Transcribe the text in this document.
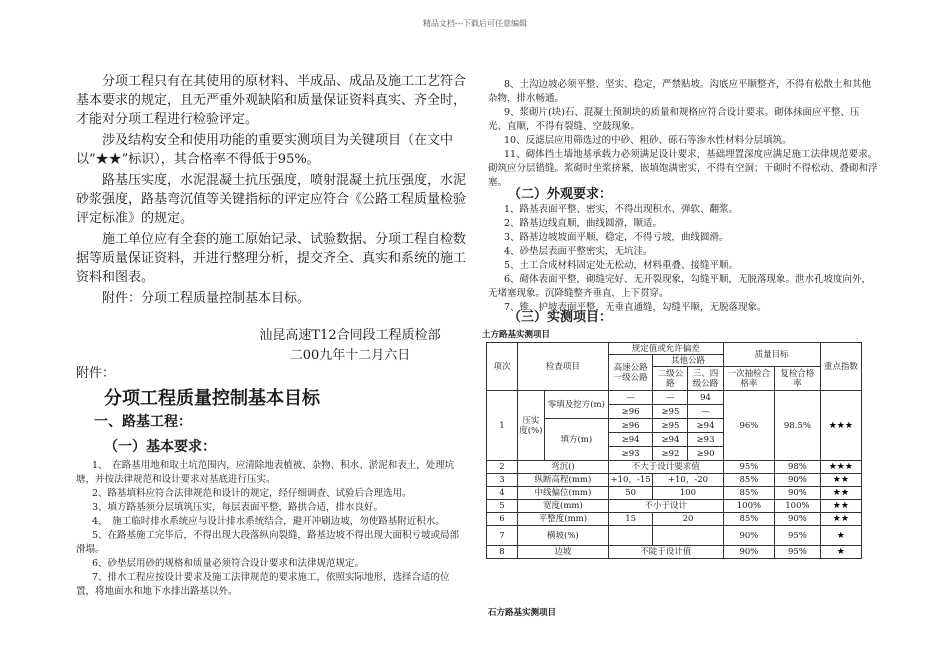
精品文档---下载后可任意编辑

分项工程只有在其使用的原材料、半成品、成品及施工工艺符合基本要求的规定，且无严重外观缺陷和质量保证资料真实、齐全时，才能对分项工程进行检验评定。

涉及结构安全和使用功能的重要实测项目为关键项目（在文中以“★★”标识），其合格率不得低于95%。

路基压实度，水泥混凝土抗压强度，喷射混凝土抗压强度，水泥砂浆强度，路基弯沉值等关键指标的评定应符合《公路工程质量检验评定标准》的规定。

施工单位应有全套的施工原始记录、试验数据、分项工程自检数据等质量保证资料，并进行整理分析，提交齐全、真实和系统的施工资料和图表。

附件：分项工程质量控制基本目标。

汕昆高速T12合同段工程质检部
二00九年十二月六日
附件：
分项工程质量控制基本目标
一、路基工程：
（一）基本要求：

1、　在路基用地和取土坑范围内，应清除地表植被、杂物、积水、淤泥和表土，处理坑塘，并按法律规范和设计要求对基底进行压实。

2、路基填料应符合法律规范和设计的规定，经仔细调查、试验后合理选用。

3、填方路基须分层填筑压实，每层表面平整，路拱合适，排水良好。

4、　施工临时排水系统应与设计排水系统结合，避开冲刷边坡，勿使路基附近积水。

5、在路基施工完毕后，不得出现大段落纵向裂缝，路基边坡不得出现大面积亏坡或局部滑塌。

6、砂垫层用砂的规格和质量必须符合设计要求和法律规范规定。

7、排水工程应按设计要求及施工法律规范的要求施工，依照实际地形，选择合适的位置，将地面水和地下水排出路基以外。

8、土沟边坡必须平整、坚实、稳定，严禁贴坡。沟底应平顺整齐，不得有松散土和其他杂物，排水畅通。

9、浆砌片(块)石、混凝土预制块的质量和规格应符合设计要求。砌体抹面应平整、压光、直顺，不得有裂缝、空鼓现象。

10、反滤层应用筛选过的中砂、粗砂、砾石等渗水性材料分层填筑。

11、砌体挡土墙地基承载力必须满足设计要求，基础埋置深度应满足施工法律规范要求。砌筑应分层错缝。浆砌时坐浆挤紧，嵌填饱满密实，不得有空洞；干砌时不得松动、叠砌和浮塞。

（二）外观要求：

1、路基表面平整、密实，不得出现积水、弹软、翻浆。

2、路基边线直顺，曲线圆滑，顺适。

3、路基边坡坡面平顺，稳定，不得亏坡，曲线圆滑。

4、砂垫层表面平整密实，无坑洼。

5、土工合成材料固定处无松动，材料重叠、接缝平顺。

6、砌体表面平整，砌缝完好、无开裂现象，勾缝平顺，无脱落现象。泄水孔坡度向外，无堵塞现象。沉降缝整齐垂直，上下贯穿。

7、锥、护坡表面平整，无垂直通缝，勾缝平顺，无脱落现象。

（三）实测项目：
土方路基实测项目
项次	检查项目		规定值或允许偏差			质量目标		重点指数
			高速公路一级公路	其他公路				
				二级公路	三、四级公路	一次抽检合格率	复检合格率	
1	压实度(%)	零填及挖方(m)	—	—	94	96%	98.5%	★★★
			≥96	≥95	—			
		填方(m)	≥96	≥95	≥94			
			≥94	≥94	≥93			
			≥93	≥92	≥90			
2	弯沉()		不大于设计要求值			95%	98%	★★★
3	纵断高程(mm)		+10，-15	+10，-20		85%	90%	★★
4	中线偏位(mm)		50	100		85%	90%	★★
5	宽度(mm)		不小于设计			100%	100%	★★
6	平整度(mm)		15	20		85%	90%	★★
7	横坡(%)					90%	95%	★
8	边坡		不陡于设计值			90%	95%	★
石方路基实测项目
